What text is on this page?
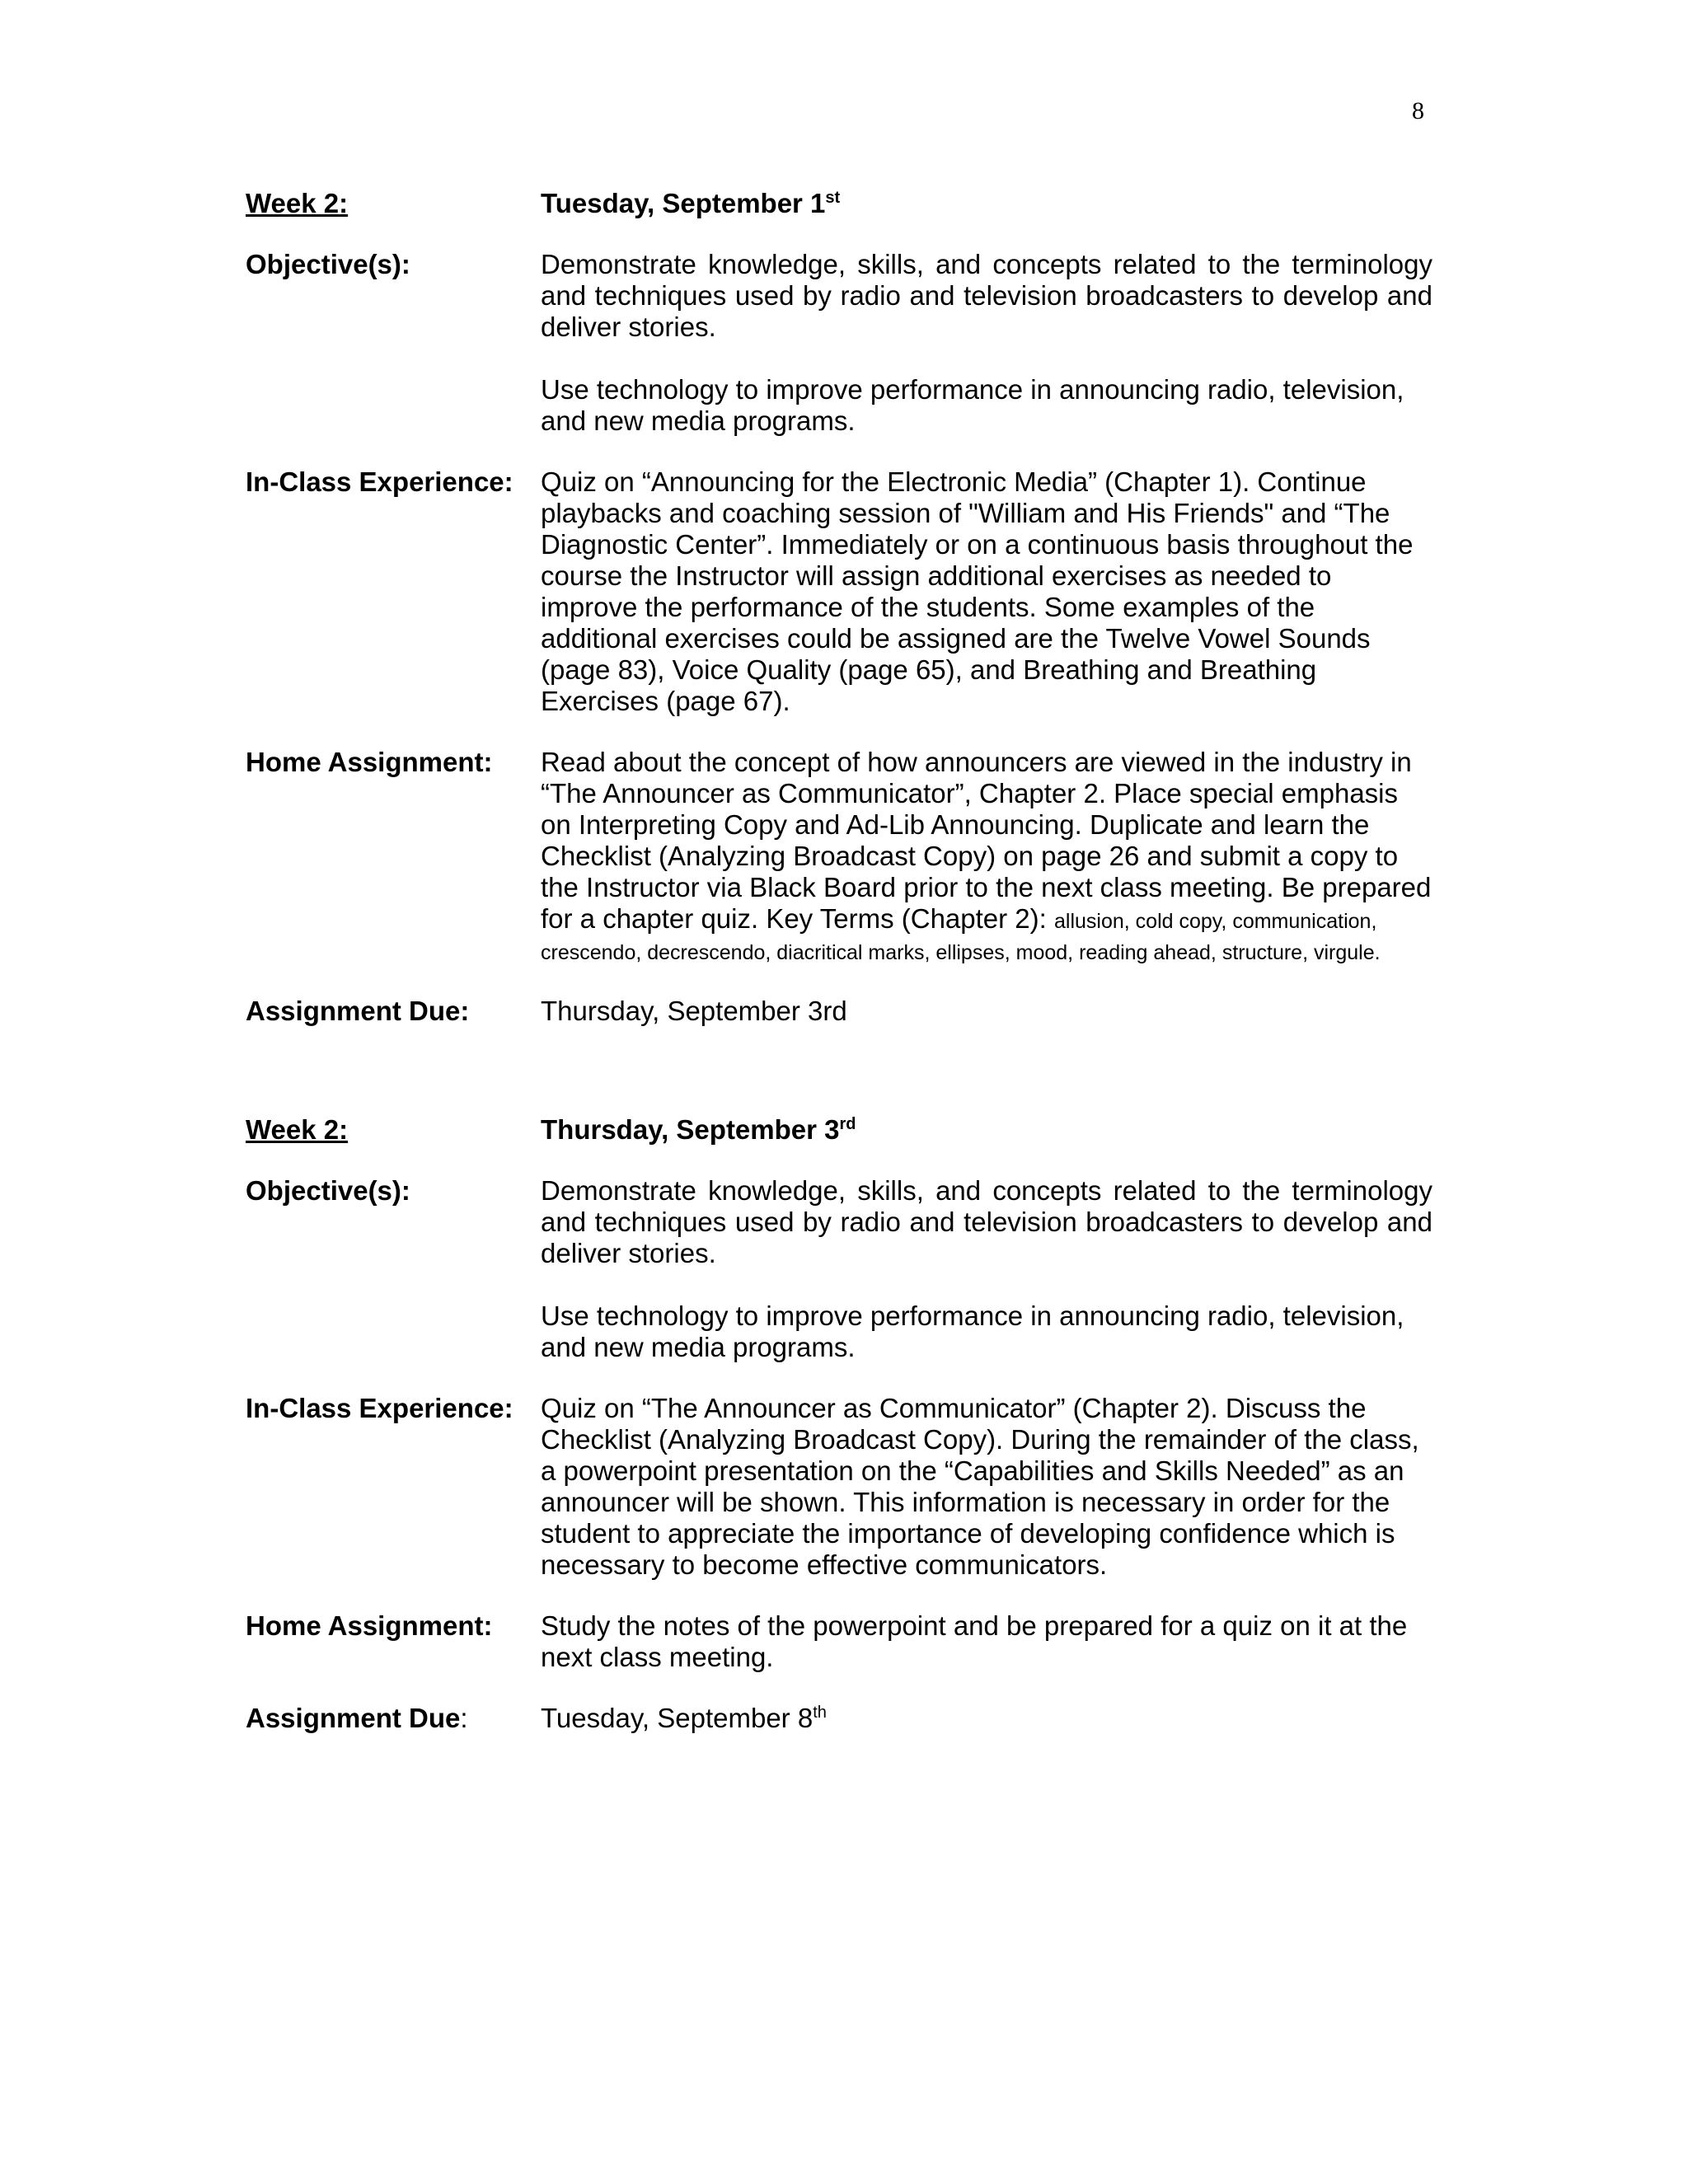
8
Week 2:	Tuesday, September 1st
Objective(s):	Demonstrate knowledge, skills, and concepts related to the terminology and techniques used by radio and television broadcasters to develop and deliver stories.

Use technology to improve performance in announcing radio, television, and new media programs.

In-Class Experience:	Quiz on “Announcing for the Electronic Media” (Chapter 1). Continue playbacks and coaching session of "William and His Friends" and “The Diagnostic Center”. Immediately or on a continuous basis throughout the course the Instructor will assign additional exercises as needed to improve the performance of the students. Some examples of the additional exercises could be assigned are the Twelve Vowel Sounds (page 83), Voice Quality (page 65), and Breathing and Breathing Exercises (page 67).
Home Assignment:	Read about the concept of how announcers are viewed in the industry in “The Announcer as Communicator”, Chapter 2. Place special emphasis on Interpreting Copy and Ad-Lib Announcing. Duplicate and learn the Checklist (Analyzing Broadcast Copy) on page 26 and submit a copy to the Instructor via Black Board prior to the next class meeting. Be prepared for a chapter quiz. Key Terms (Chapter 2): allusion, cold copy, communication, crescendo, decrescendo, diacritical marks, ellipses, mood, reading ahead, structure, virgule.
Assignment Due:	Thursday, September 3rd
Week 2:	Thursday, September 3rd
Objective(s):	Demonstrate knowledge, skills, and concepts related to the terminology and techniques used by radio and television broadcasters to develop and deliver stories.

Use technology to improve performance in announcing radio, television, and new media programs.

In-Class Experience:	Quiz on “The Announcer as Communicator” (Chapter 2). Discuss the Checklist (Analyzing Broadcast Copy). During the remainder of the class, a powerpoint presentation on the “Capabilities and Skills Needed” as an announcer will be shown. This information is necessary in order for the student to appreciate the importance of developing confidence which is necessary to become effective communicators.
Home Assignment:	Study the notes of the powerpoint and be prepared for a quiz on it at the next class meeting.
Assignment Due:	Tuesday, September 8th
